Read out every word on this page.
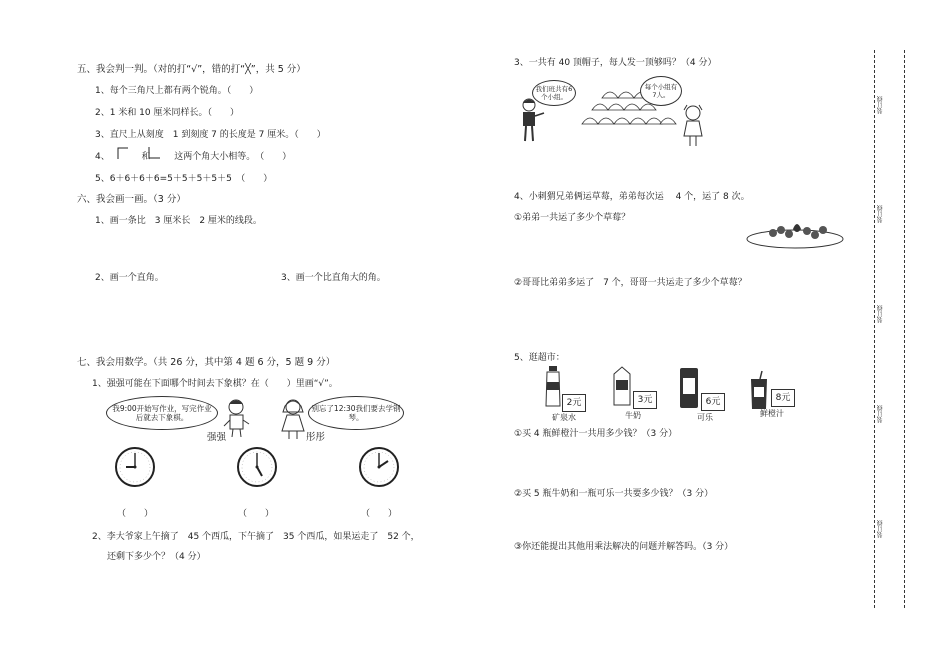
五、我会判一判。（对的打“√”，错的打“╳”，共 5 分）
1、每个三角尺上都有两个锐角。（　　）
2、1 米和 10 厘米同样长。（　　）
3、直尺上从刻度　1 到刻度 7 的长度是 7 厘米。（　　）
4、	和	这两个角大小相等。　（　　）
5、6＋6＋6＋6=5＋5＋5＋5＋5　（　　）
六、我会画一画。（3 分）
1、画一条比　3 厘米长　2 厘米的线段。
2、画一个直角。	3、画一个比直角大的角。
七、我会用数学。（共 26 分，其中第 4 题 6 分，5 题 9 分）
1、强强可能在下面哪个时间去下象棋？在（　　）里画“√”。
我9:00开始写作业，写完作业后就去下象棋。
强强	彤彤
别忘了12:30我们要去学钢琴。
（　　）	（　　）	（　　）
2、李大爷家上午摘了　45 个西瓜，下午摘了　35 个西瓜，如果运走了　52 个，
还剩下多少个？（4 分）
3、一共有 40 顶帽子，每人发一顶够吗？（4 分）
我们班共有6个小组。
每个小组有7人。
4、小刺猬兄弟俩运草莓，弟弟每次运　 4 个，运了 8 次。
①弟弟一共运了多少个草莓？
②哥哥比弟弟多运了　7 个，哥哥一共运走了多少个草莓？
5、逛超市：
2元
矿泉水
3元
牛奶
6元
可乐
8元
鲜橙汁
①买 4 瓶鲜橙汁一共用多少钱？（3 分）
②买 5 瓶牛奶和一瓶可乐一共要多少钱？（3 分）
③你还能提出其他用乘法解决的问题并解答吗。（3 分）
装订线
装订线
装订线
装订线
装订线
